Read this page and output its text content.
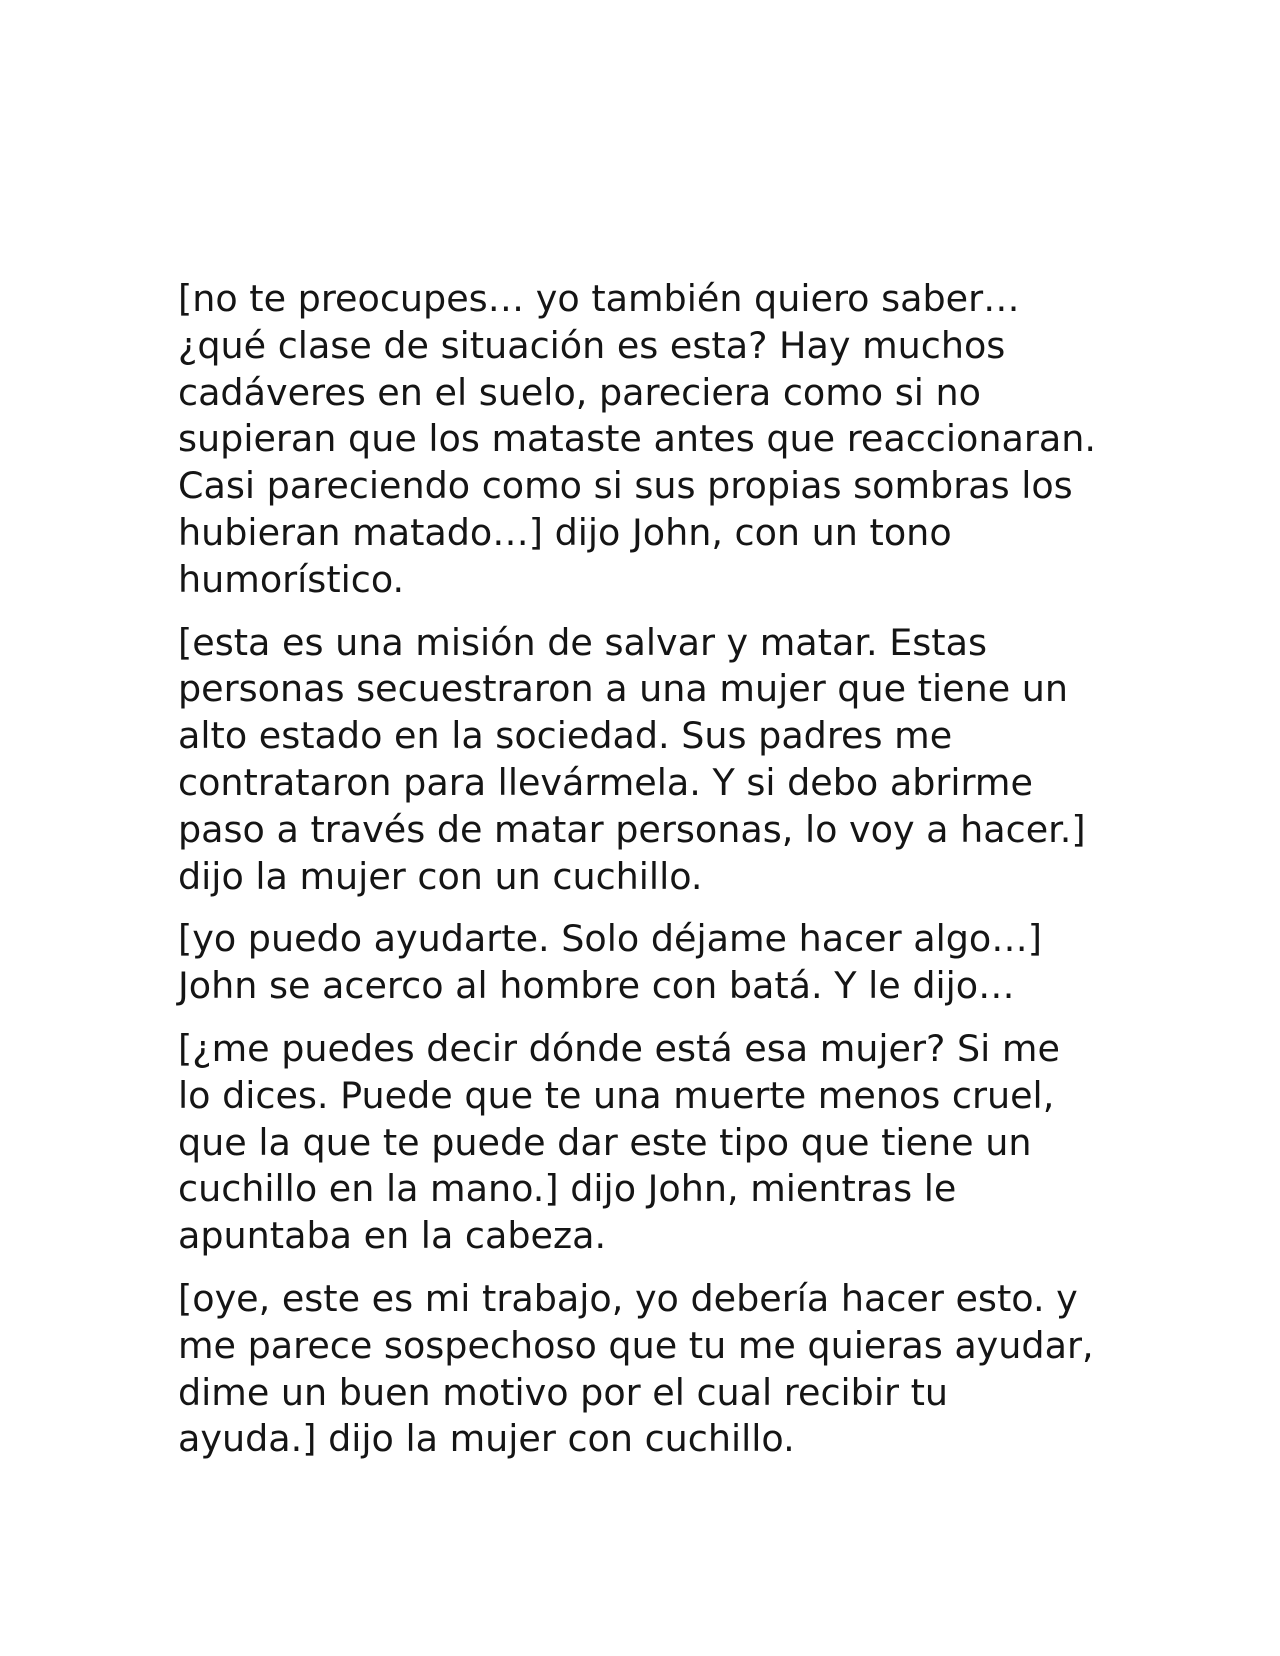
[no te preocupes… yo también quiero saber… ¿qué clase de situación es esta? Hay muchos cadáveres en el suelo, pareciera como si no supieran que los mataste antes que reaccionaran. Casi pareciendo como si sus propias sombras los hubieran matado…] dijo John, con un tono humorístico.

[esta es una misión de salvar y matar. Estas personas secuestraron a una mujer que tiene un alto estado en la sociedad. Sus padres me contrataron para llevármela. Y si debo abrirme paso a través de matar personas, lo voy a hacer.] dijo la mujer con un cuchillo.

[yo puedo ayudarte. Solo déjame hacer algo…] John se acerco al hombre con batá. Y le dijo…

[¿me puedes decir dónde está esa mujer? Si me lo dices. Puede que te una muerte menos cruel, que la que te puede dar este tipo que tiene un cuchillo en la mano.] dijo John, mientras le apuntaba en la cabeza.

[oye, este es mi trabajo, yo debería hacer esto. y me parece sospechoso que tu me quieras ayudar, dime un buen motivo por el cual recibir tu ayuda.] dijo la mujer con cuchillo.
